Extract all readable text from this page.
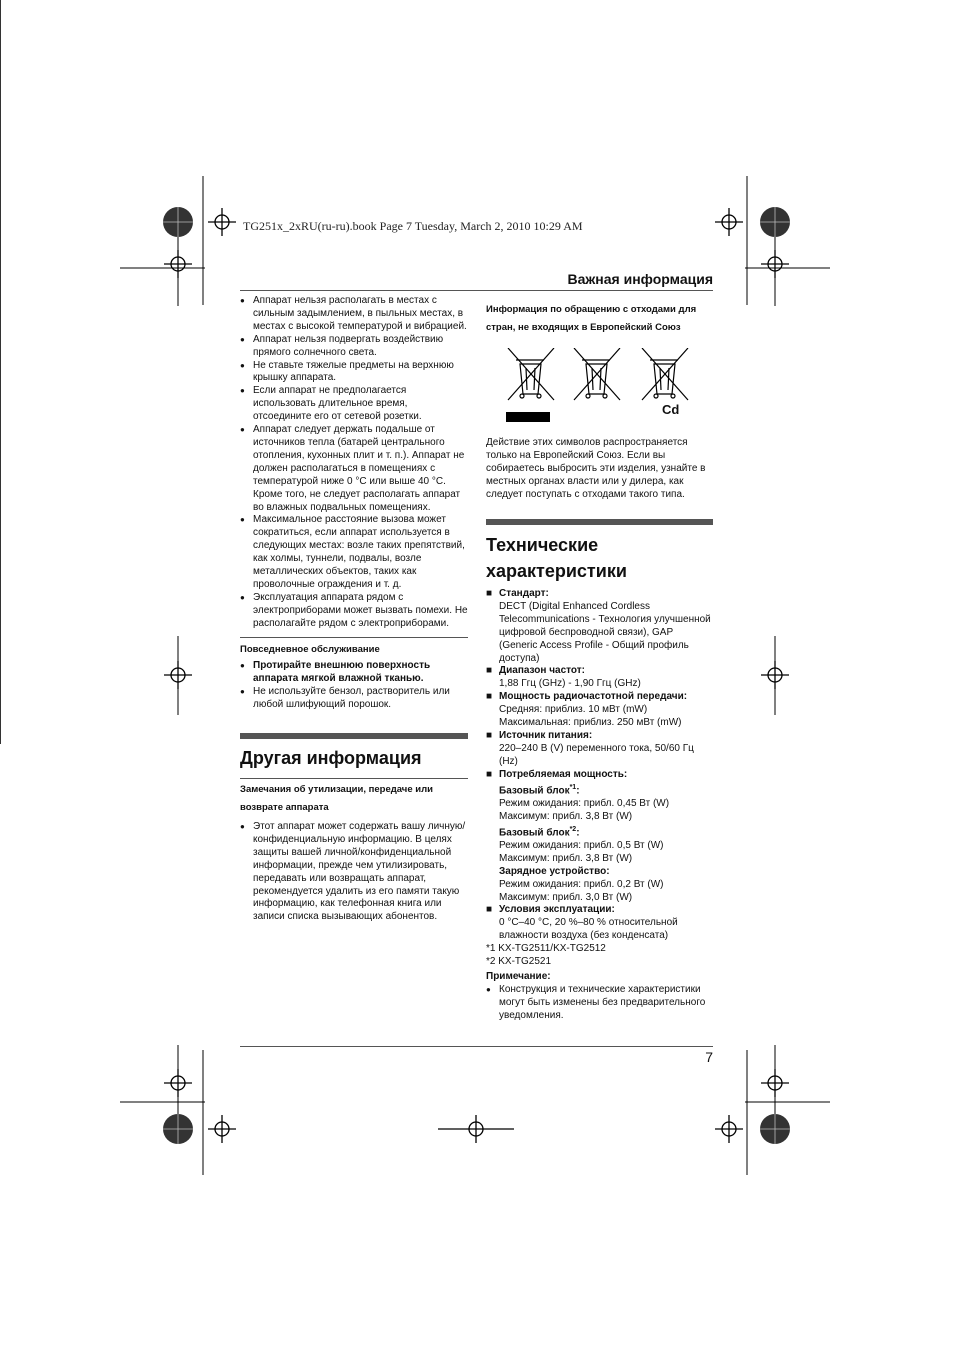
TG251x_2xRU(ru-ru).book Page 7 Tuesday, March 2, 2010 10:29 AM
Важная информация
● Аппарат нельзя располагать в местах с сильным задымлением, в пыльных местах, в местах с высокой температурой и вибрацией.
● Аппарат нельзя подвергать воздействию прямого солнечного света.
● Не ставьте тяжелые предметы на верхнюю крышку аппарата.
● Если аппарат не предполагается использовать длительное время, отсоедините его от сетевой розетки.
● Аппарат следует держать подальше от источников тепла (батарей центрального отопления, кухонных плит и т. п.). Аппарат не должен располагаться в помещениях с температурой ниже 0 °C или выше 40 °C. Кроме того, не следует располагать аппарат во влажных подвальных помещениях.
● Максимальное расстояние вызова может сократиться, если аппарат используется в следующих местах: возле таких препятствий, как холмы, туннели, подвалы, возле металлических объектов, таких как проволочные ограждения и т. д.
● Эксплуатация аппарата рядом с электроприборами может вызвать помехи. Не располагайте рядом с электроприборами.
Повседневное обслуживание
● Протирайте внешнюю поверхность аппарата мягкой влажной тканью.
● Не используйте бензол, растворитель или любой шлифующий порошок.
Другая информация
Замечания об утилизации, передаче или возврате аппарата
● Этот аппарат может содержать вашу личную/конфиденциальную информацию. В целях защиты вашей личной/конфиденциальной информации, прежде чем утилизировать, передавать или возвращать аппарат, рекомендуется удалить из его памяти такую информацию, как телефонная книга или записи списка вызывающих абонентов.
Информация по обращению с отходами для стран, не входящих в Европейский Союз
Cd
Действие этих символов распространяется только на Европейский Союз. Если вы собираетесь выбросить эти изделия, узнайте в местных органах власти или у дилера, как следует поступать с отходами такого типа.
Технические
характеристики
■ Стандарт:
DECT (Digital Enhanced Cordless Telecommunications - Технология улучшенной цифровой беспроводной связи), GAP (Generic Access Profile - Общий профиль доступа)
■ Диапазон частот:
1,88 Ггц (GHz) - 1,90 Ггц (GHz)
■ Мощность радиочастотной передачи:
Средняя: приблиз. 10 мВт (mW)
Максимальная: приблиз. 250 мВт (mW)
■ Источник питания:
220–240 В (V) переменного тока, 50/60 Гц (Hz)
■ Потребляемая мощность:
Базовый блок$^{*1}$:
Режим ожидания: прибл. 0,45 Вт (W)
Максимум: прибл. 3,8 Вт (W)
Базовый блок$^{*2}$:
Режим ожидания: прибл. 0,5 Вт (W)
Максимум: прибл. 3,8 Вт (W)
Зарядное устройство:
Режим ожидания: прибл. 0,2 Вт (W)
Максимум: прибл. 3,0 Вт (W)
■ Условия эксплуатации:
0 °C–40 °C, 20 %–80 % относительной влажности воздуха (без конденсата)
*1 KX-TG2511/KX-TG2512
*2 KX-TG2521
Примечание:
● Конструкция и технические характеристики могут быть изменены без предварительного уведомления.
7
